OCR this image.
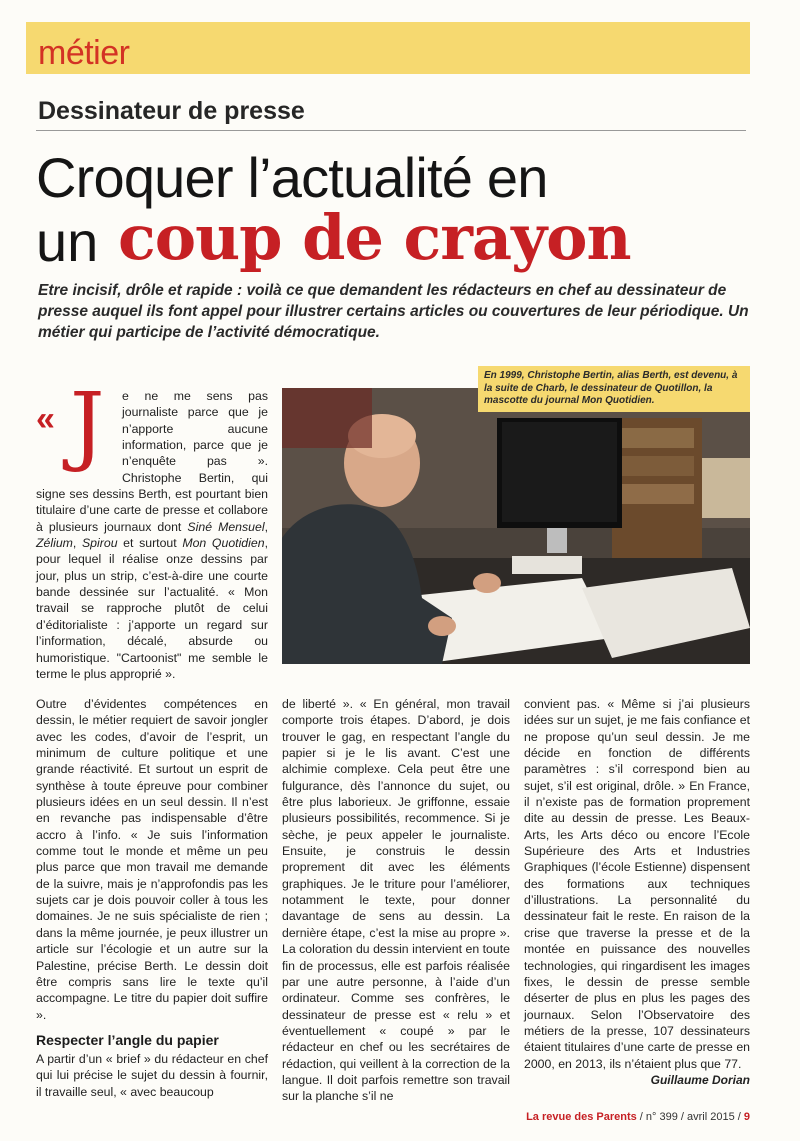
métier
Dessinateur de presse
Croquer l’actualité en
un coup de crayon

Etre incisif, drôle et rapide : voilà ce que demandent les rédacteurs en chef au dessinateur de presse auquel ils font appel pour illustrer certains articles ou couvertures de leur périodique. Un métier qui participe de l’activité démocratique.

« J e ne me sens pas journaliste parce que je n’apporte aucune information, parce que je n’enquête pas ». Christophe Bertin, qui signe ses dessins Berth, est pourtant bien titulaire d’une carte de presse et collabore à plusieurs journaux dont Siné Mensuel, Zélium, Spirou et surtout Mon Quotidien, pour lequel il réalise onze dessins par jour, plus un strip, c’est-à-dire une courte bande dessinée sur l’actualité. « Mon travail se rapproche plutôt de celui d’éditorialiste : j’apporte un regard sur l’information, décalé, absurde ou humoristique. "Cartoonist" me semble le terme le plus approprié ».
En 1999, Christophe Bertin, alias Berth, est devenu, à la suite de Charb, le dessinateur de Quotillon, la mascotte du journal Mon Quotidien.

Outre d’évidentes compétences en dessin, le métier requiert de savoir jongler avec les codes, d’avoir de l’esprit, un minimum de culture politique et une grande réactivité. Et surtout un esprit de synthèse à toute épreuve pour combiner plusieurs idées en un seul dessin. Il n’est en revanche pas indispensable d’être accro à l’info. « Je suis l’information comme tout le monde et même un peu plus parce que mon travail me demande de la suivre, mais je n’approfondis pas les sujets car je dois pouvoir coller à tous les domaines. Je ne suis spécialiste de rien ; dans la même journée, je peux illustrer un article sur l’écologie et un autre sur la Palestine, précise Berth. Le dessin doit être compris sans lire le texte qu’il accompagne. Le titre du papier doit suffire ».

Respecter l’angle du papier

A partir d’un « brief » du rédacteur en chef qui lui précise le sujet du dessin à fournir, il travaille seul, « avec beaucoup

de liberté ». « En général, mon travail comporte trois étapes. D’abord, je dois trouver le gag, en respectant l’angle du papier si je le lis avant. C’est une alchimie complexe. Cela peut être une fulgurance, dès l’annonce du sujet, ou être plus laborieux. Je griffonne, essaie plusieurs possibilités, recommence. Si je sèche, je peux appeler le journaliste. Ensuite, je construis le dessin proprement dit avec les éléments graphiques. Je le triture pour l’améliorer, notamment le texte, pour donner davantage de sens au dessin. La dernière étape, c’est la mise au propre ». La coloration du dessin intervient en toute fin de processus, elle est parfois réalisée par une autre personne, à l’aide d’un ordinateur. Comme ses confrères, le dessinateur de presse est « relu » et éventuellement « coupé » par le rédacteur en chef ou les secrétaires de rédaction, qui veillent à la correction de la langue. Il doit parfois remettre son travail sur la planche s’il ne

convient pas. « Même si j’ai plusieurs idées sur un sujet, je me fais confiance et ne propose qu’un seul dessin. Je me décide en fonction de différents paramètres : s’il correspond bien au sujet, s’il est original, drôle. » En France, il n’existe pas de formation proprement dite au dessin de presse. Les Beaux-Arts, les Arts déco ou encore l’Ecole Supérieure des Arts et Industries Graphiques (l’école Estienne) dispensent des formations aux techniques d’illustrations. La personnalité du dessinateur fait le reste. En raison de la crise que traverse la presse et de la montée en puissance des nouvelles technologies, qui ringardisent les images fixes, le dessin de presse semble déserter de plus en plus les pages des journaux. Selon l’Observatoire des métiers de la presse, 107 dessinateurs étaient titulaires d’une carte de presse en 2000, en 2013, ils n’étaient plus que 77.

Guillaume Dorian
La revue des Parents / n° 399 / avril 2015 / 9
